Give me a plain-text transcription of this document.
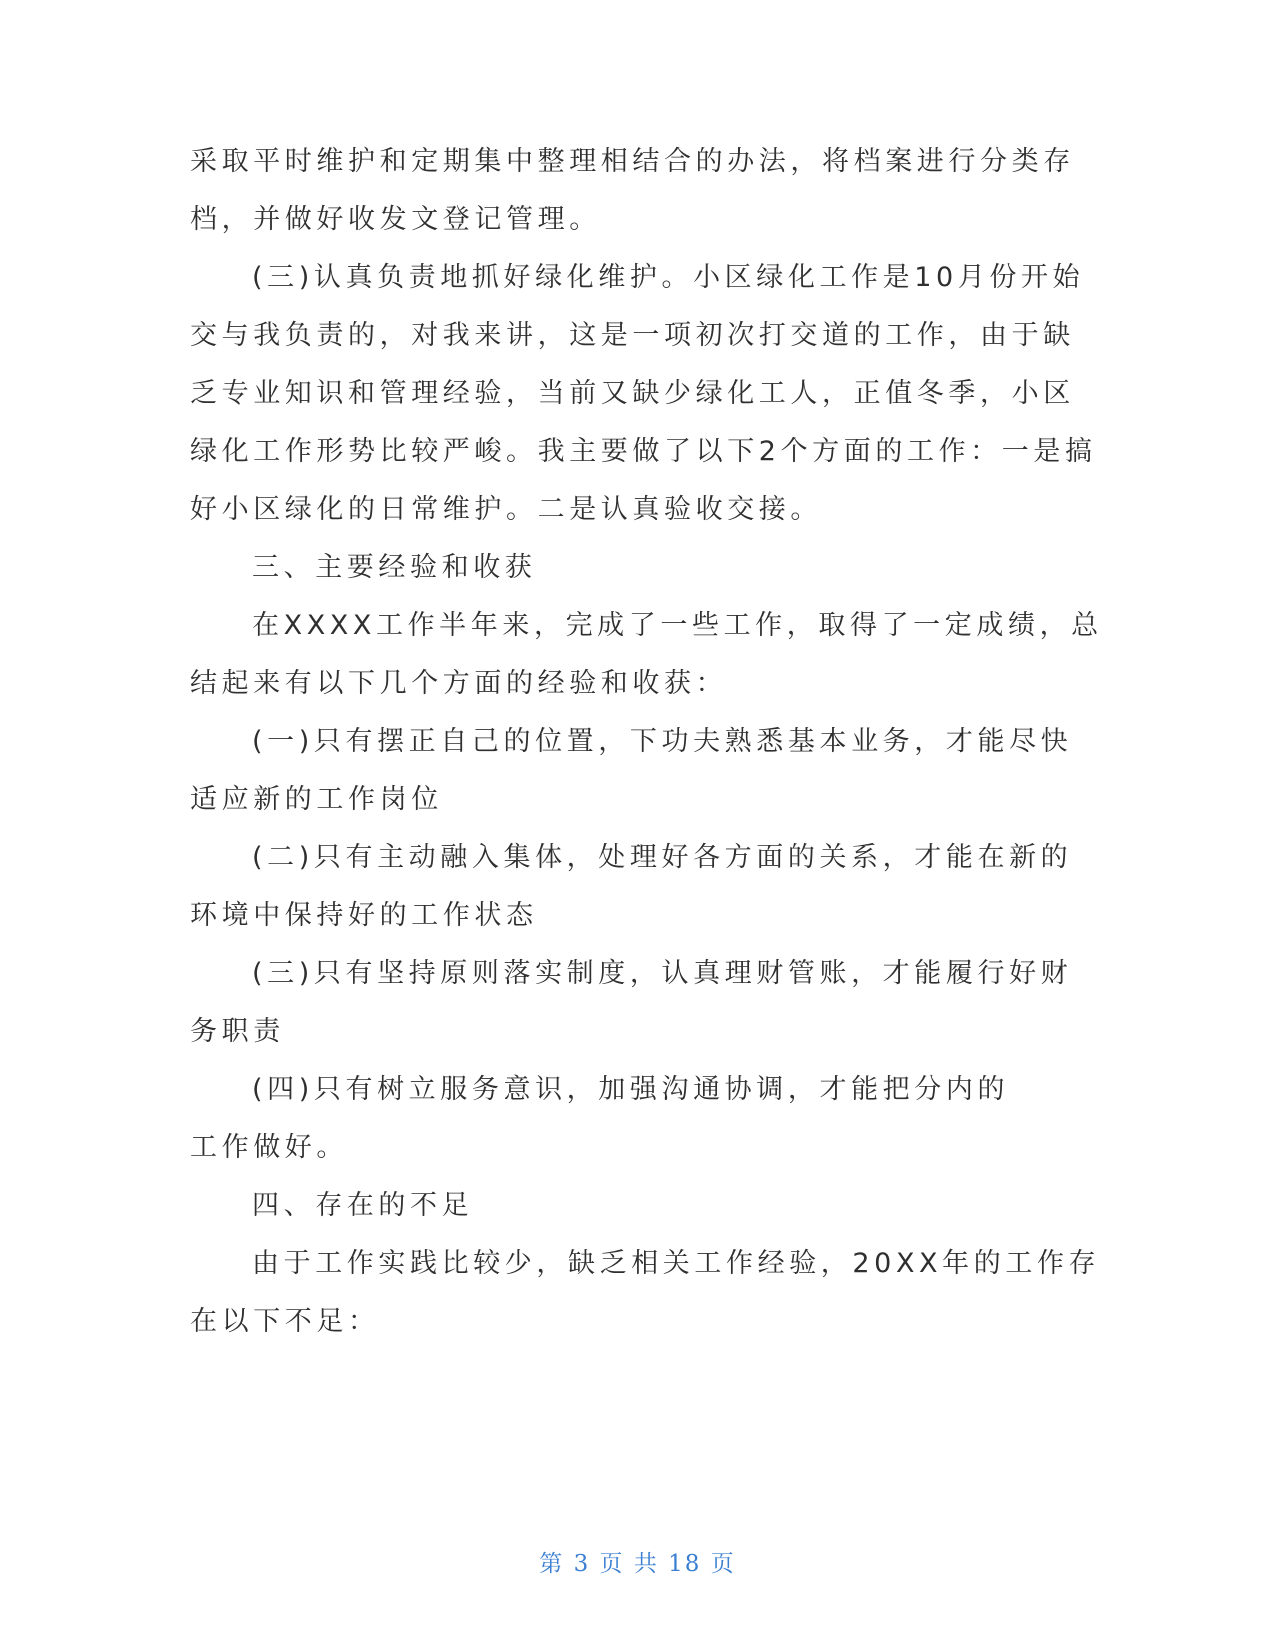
采取平时维护和定期集中整理相结合的办法，将档案进行分类存
档，并做好收发文登记管理。
(三)认真负责地抓好绿化维护。小区绿化工作是10月份开始
交与我负责的，对我来讲，这是一项初次打交道的工作，由于缺
乏专业知识和管理经验，当前又缺少绿化工人，正值冬季，小区
绿化工作形势比较严峻。我主要做了以下2个方面的工作：一是搞
好小区绿化的日常维护。二是认真验收交接。
三、主要经验和收获
在XXXX工作半年来，完成了一些工作，取得了一定成绩，总
结起来有以下几个方面的经验和收获：
(一)只有摆正自己的位置，下功夫熟悉基本业务，才能尽快
适应新的工作岗位
(二)只有主动融入集体，处理好各方面的关系，才能在新的
环境中保持好的工作状态
(三)只有坚持原则落实制度，认真理财管账，才能履行好财
务职责
(四)只有树立服务意识，加强沟通协调，才能把分内的
工作做好。
四、存在的不足
由于工作实践比较少，缺乏相关工作经验，20XX年的工作存
在以下不足：
第 3 页 共 18 页
